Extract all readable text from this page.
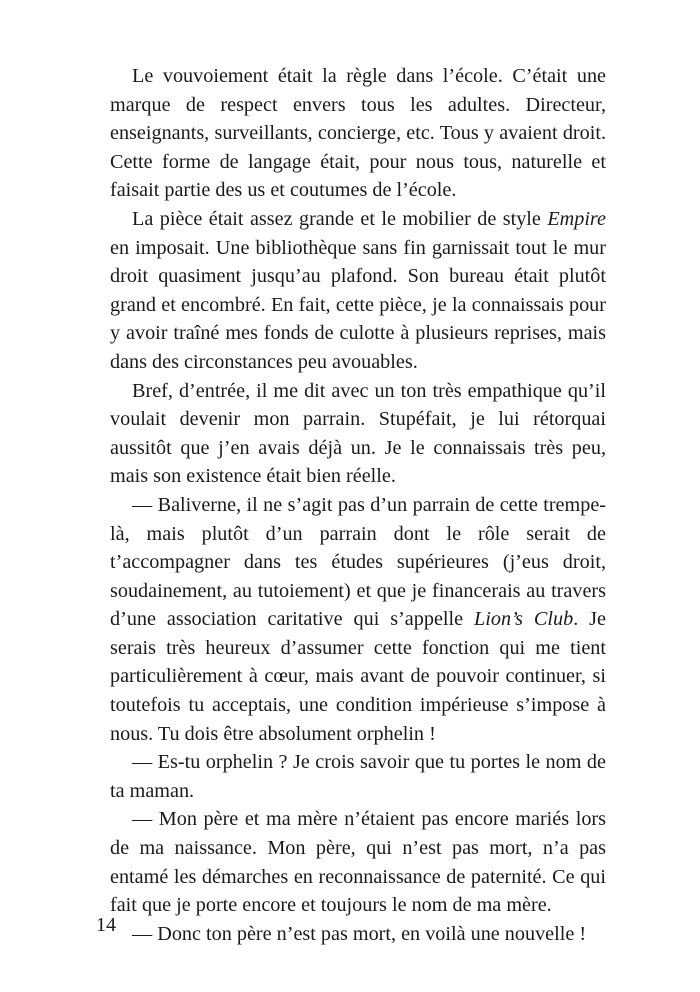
Le vouvoiement était la règle dans l’école. C’était une marque de respect envers tous les adultes. Directeur, enseignants, surveillants, concierge, etc. Tous y avaient droit. Cette forme de langage était, pour nous tous, naturelle et faisait partie des us et coutumes de l’école.

La pièce était assez grande et le mobilier de style Empire en imposait. Une bibliothèque sans fin garnissait tout le mur droit quasiment jusqu’au plafond. Son bureau était plutôt grand et encombré. En fait, cette pièce, je la connaissais pour y avoir traîné mes fonds de culotte à plusieurs reprises, mais dans des circonstances peu avouables.

Bref, d’entrée, il me dit avec un ton très empathique qu’il voulait devenir mon parrain. Stupéfait, je lui rétorquai aussitôt que j’en avais déjà un. Je le connaissais très peu, mais son existence était bien réelle.

— Baliverne, il ne s’agit pas d’un parrain de cette trempe-là, mais plutôt d’un parrain dont le rôle serait de t’accompagner dans tes études supérieures (j’eus droit, soudainement, au tutoiement) et que je financerais au travers d’une association caritative qui s’appelle Lion’s Club. Je serais très heureux d’assumer cette fonction qui me tient particulièrement à cœur, mais avant de pouvoir continuer, si toutefois tu acceptais, une condition impérieuse s’impose à nous. Tu dois être absolument orphelin !

— Es-tu orphelin ? Je crois savoir que tu portes le nom de ta maman.

— Mon père et ma mère n’étaient pas encore mariés lors de ma naissance. Mon père, qui n’est pas mort, n’a pas entamé les démarches en reconnaissance de paternité. Ce qui fait que je porte encore et toujours le nom de ma mère.

— Donc ton père n’est pas mort, en voilà une nouvelle !

14
